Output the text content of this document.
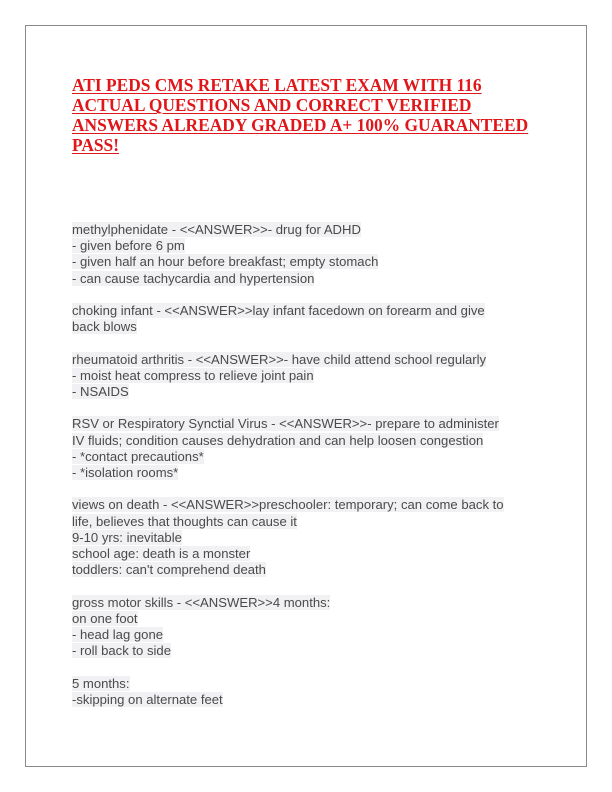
ATI PEDS CMS RETAKE LATEST EXAM WITH 116 ACTUAL QUESTIONS AND CORRECT VERIFIED ANSWERS ALREADY GRADED A+ 100% GUARANTEED PASS!
methylphenidate - <<ANSWER>>- drug for ADHD
- given before 6 pm
- given half an hour before breakfast; empty stomach
- can cause tachycardia and hypertension
choking infant - <<ANSWER>>lay infant facedown on forearm and give
back blows
rheumatoid arthritis - <<ANSWER>>- have child attend school regularly
- moist heat compress to relieve joint pain
- NSAIDS
RSV or Respiratory Synctial Virus - <<ANSWER>>- prepare to administer
IV fluids; condition causes dehydration and can help loosen congestion
- *contact precautions*
- *isolation rooms*
views on death - <<ANSWER>>preschooler: temporary; can come back to
life, believes that thoughts can cause it
9-10 yrs: inevitable
school age: death is a monster
toddlers: can't comprehend death
gross motor skills - <<ANSWER>>4 months:
on one foot
- head lag gone
- roll back to side
5 months:
-skipping on alternate feet
